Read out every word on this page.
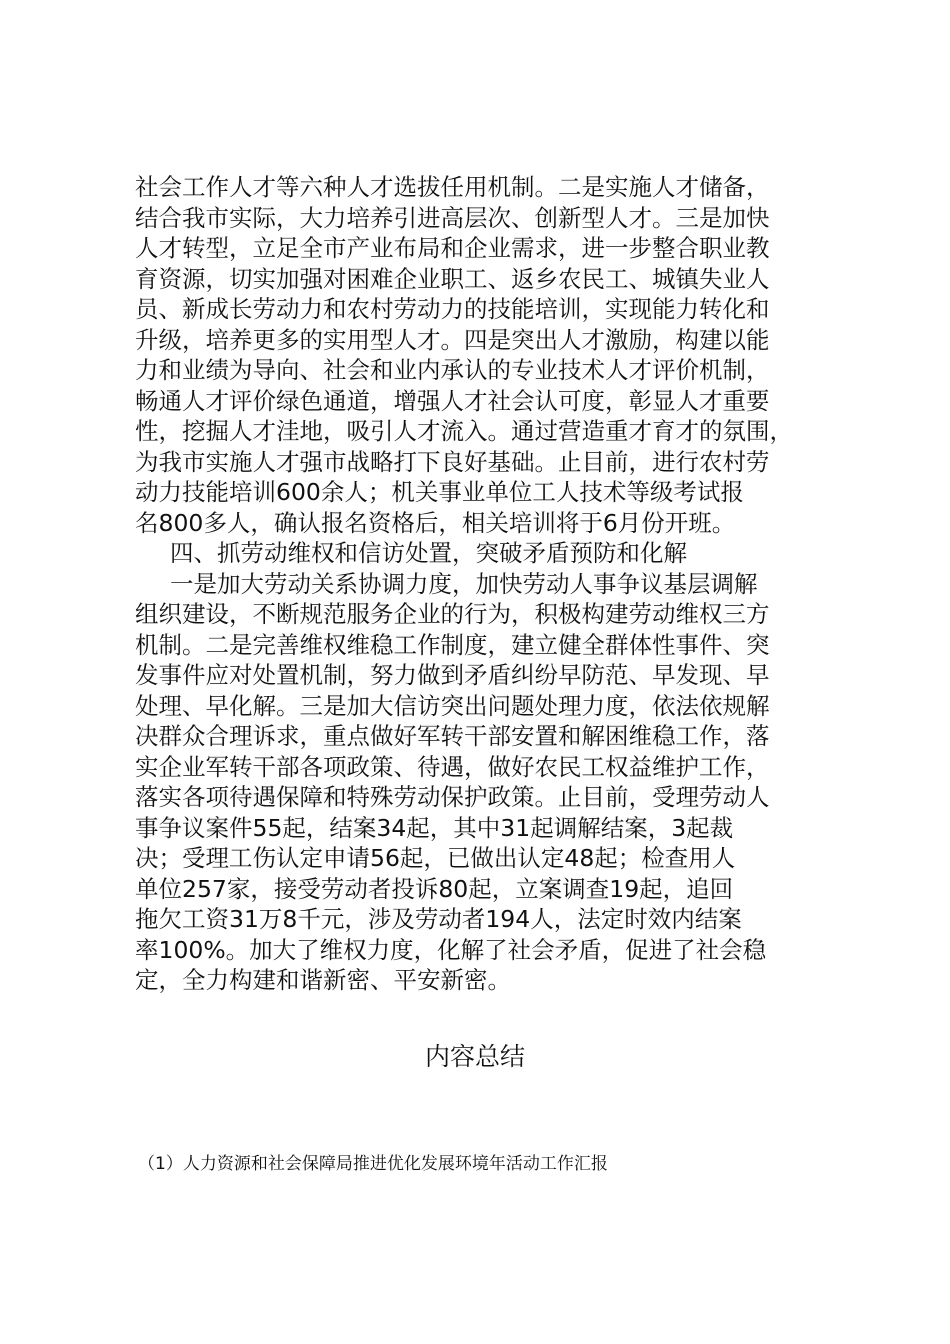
社会工作人才等六种人才选拔任用机制。二是实施人才储备，
结合我市实际，大力培养引进高层次、创新型人才。三是加快
人才转型，立足全市产业布局和企业需求，进一步整合职业教
育资源，切实加强对困难企业职工、返乡农民工、城镇失业人
员、新成长劳动力和农村劳动力的技能培训，实现能力转化和
升级，培养更多的实用型人才。四是突出人才激励，构建以能
力和业绩为导向、社会和业内承认的专业技术人才评价机制，
畅通人才评价绿色通道，增强人才社会认可度，彰显人才重要
性，挖掘人才洼地，吸引人才流入。通过营造重才育才的氛围，
为我市实施人才强市战略打下良好基础。止目前，进行农村劳
动力技能培训600余人；机关事业单位工人技术等级考试报
名800多人，确认报名资格后，相关培训将于6月份开班。
四、抓劳动维权和信访处置，突破矛盾预防和化解
一是加大劳动关系协调力度，加快劳动人事争议基层调解
组织建设，不断规范服务企业的行为，积极构建劳动维权三方
机制。二是完善维权维稳工作制度，建立健全群体性事件、突
发事件应对处置机制，努力做到矛盾纠纷早防范、早发现、早
处理、早化解。三是加大信访突出问题处理力度，依法依规解
决群众合理诉求，重点做好军转干部安置和解困维稳工作，落
实企业军转干部各项政策、待遇，做好农民工权益维护工作，
落实各项待遇保障和特殊劳动保护政策。止目前，受理劳动人
事争议案件55起，结案34起，其中31起调解结案，3起裁
决；受理工伤认定申请56起，已做出认定48起；检查用人
单位257家，接受劳动者投诉80起，立案调查19起，追回
拖欠工资31万8千元，涉及劳动者194人，法定时效内结案
率100%。加大了维权力度，化解了社会矛盾，促进了社会稳
定，全力构建和谐新密、平安新密。
内容总结
（1）人力资源和社会保障局推进优化发展环境年活动工作汇报
